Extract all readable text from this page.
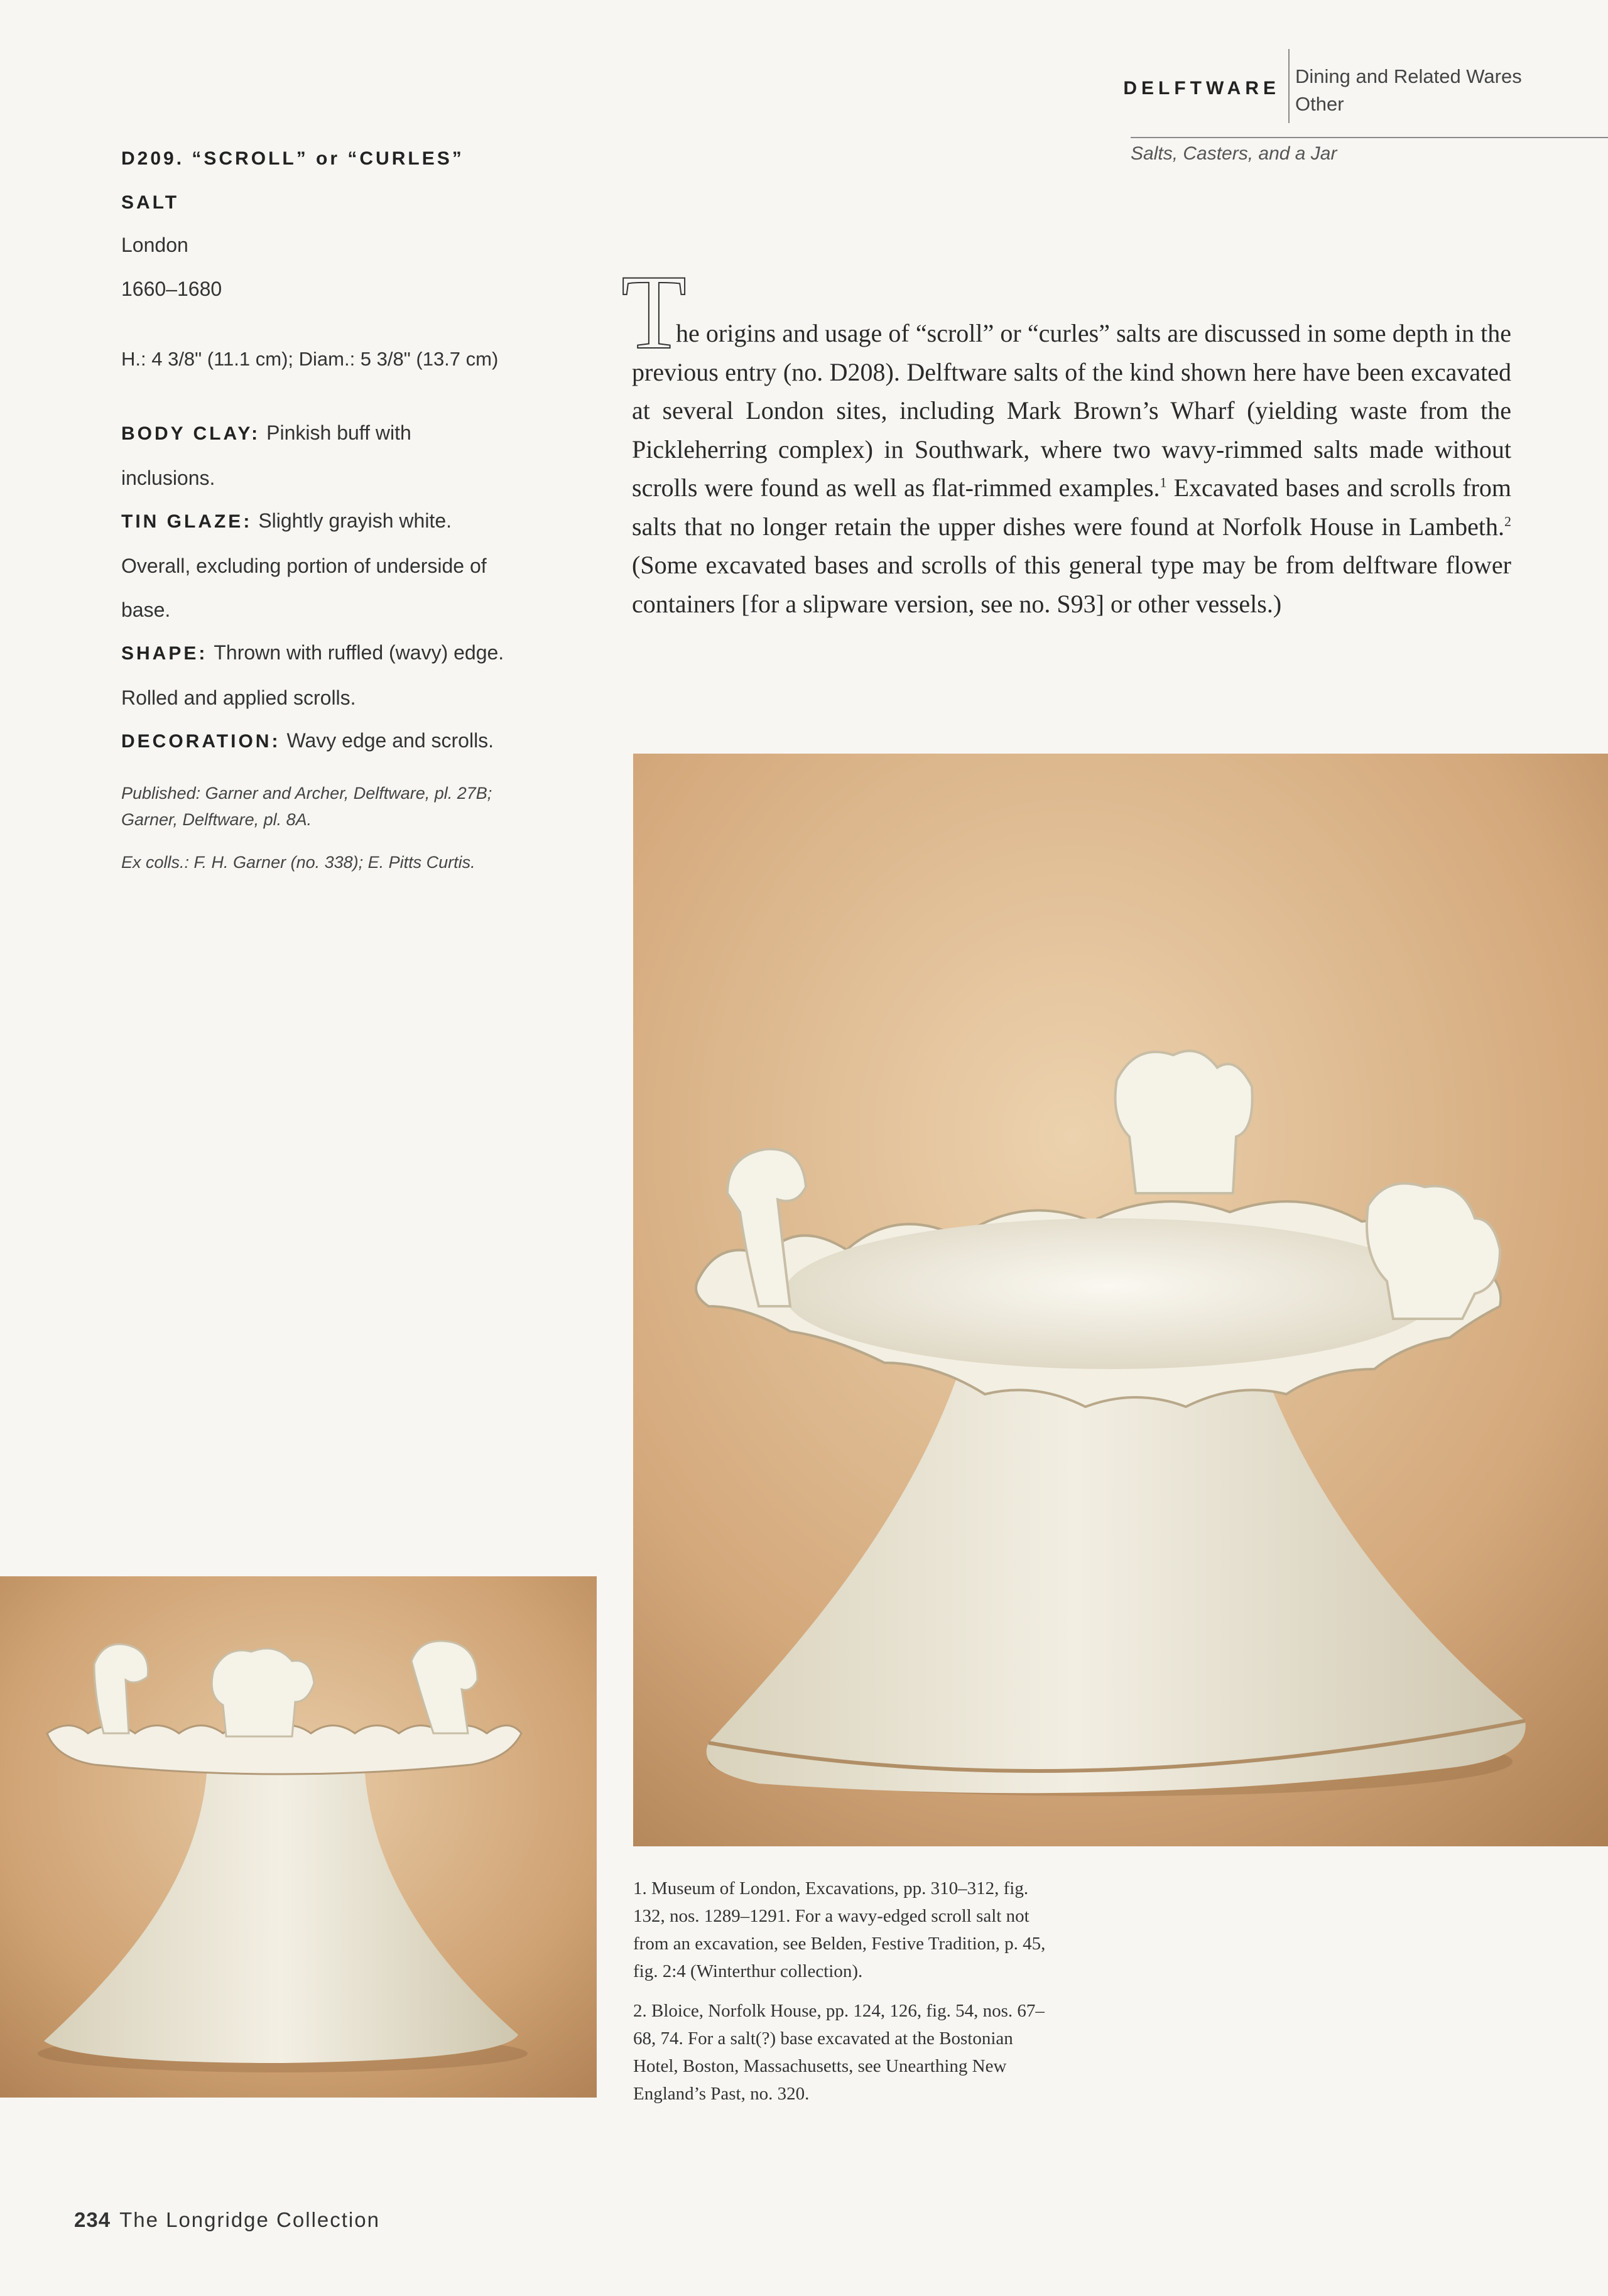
DELFTWARE
Dining and Related Wares
Other
Salts, Casters, and a Jar
D209. “SCROLL” or “CURLES”
SALT
London
1660–1680
H.: 4 3/8" (11.1 cm); Diam.: 5 3/8" (13.7 cm)
BODY CLAY: Pinkish buff with inclusions.
TIN GLAZE: Slightly grayish white. Overall, excluding portion of underside of base.
SHAPE: Thrown with ruffled (wavy) edge. Rolled and applied scrolls.
DECORATION: Wavy edge and scrolls.
Published: Garner and Archer, Delftware, pl. 27B; Garner, Delftware, pl. 8A.
Ex colls.: F. H. Garner (no. 338); E. Pitts Curtis.
T
he origins and usage of “scroll” or “curles” salts are discussed in some depth in the previous entry (no. D208). Delftware salts of the kind shown here have been excavated at several London sites, including Mark Brown’s Wharf (yielding waste from the Pickleherring complex) in Southwark, where two wavy-rimmed salts made without scrolls were found as well as flat-rimmed examples.$^1$ Excavated bases and scrolls from salts that no longer retain the upper dishes were found at Norfolk House in Lambeth.$^2$ (Some excavated bases and scrolls of this general type may be from delftware flower containers [for a slipware version, see no. S93] or other vessels.)
1. Museum of London, Excavations, pp. 310–312, fig. 132, nos. 1289–1291. For a wavy-edged scroll salt not from an excavation, see Belden, Festive Tradition, p. 45, fig. 2:4 (Winterthur collection).
2. Bloice, Norfolk House, pp. 124, 126, fig. 54, nos. 67–68, 74. For a salt(?) base excavated at the Bostonian Hotel, Boston, Massachusetts, see Unearthing New England’s Past, no. 320.
234 The Longridge Collection
